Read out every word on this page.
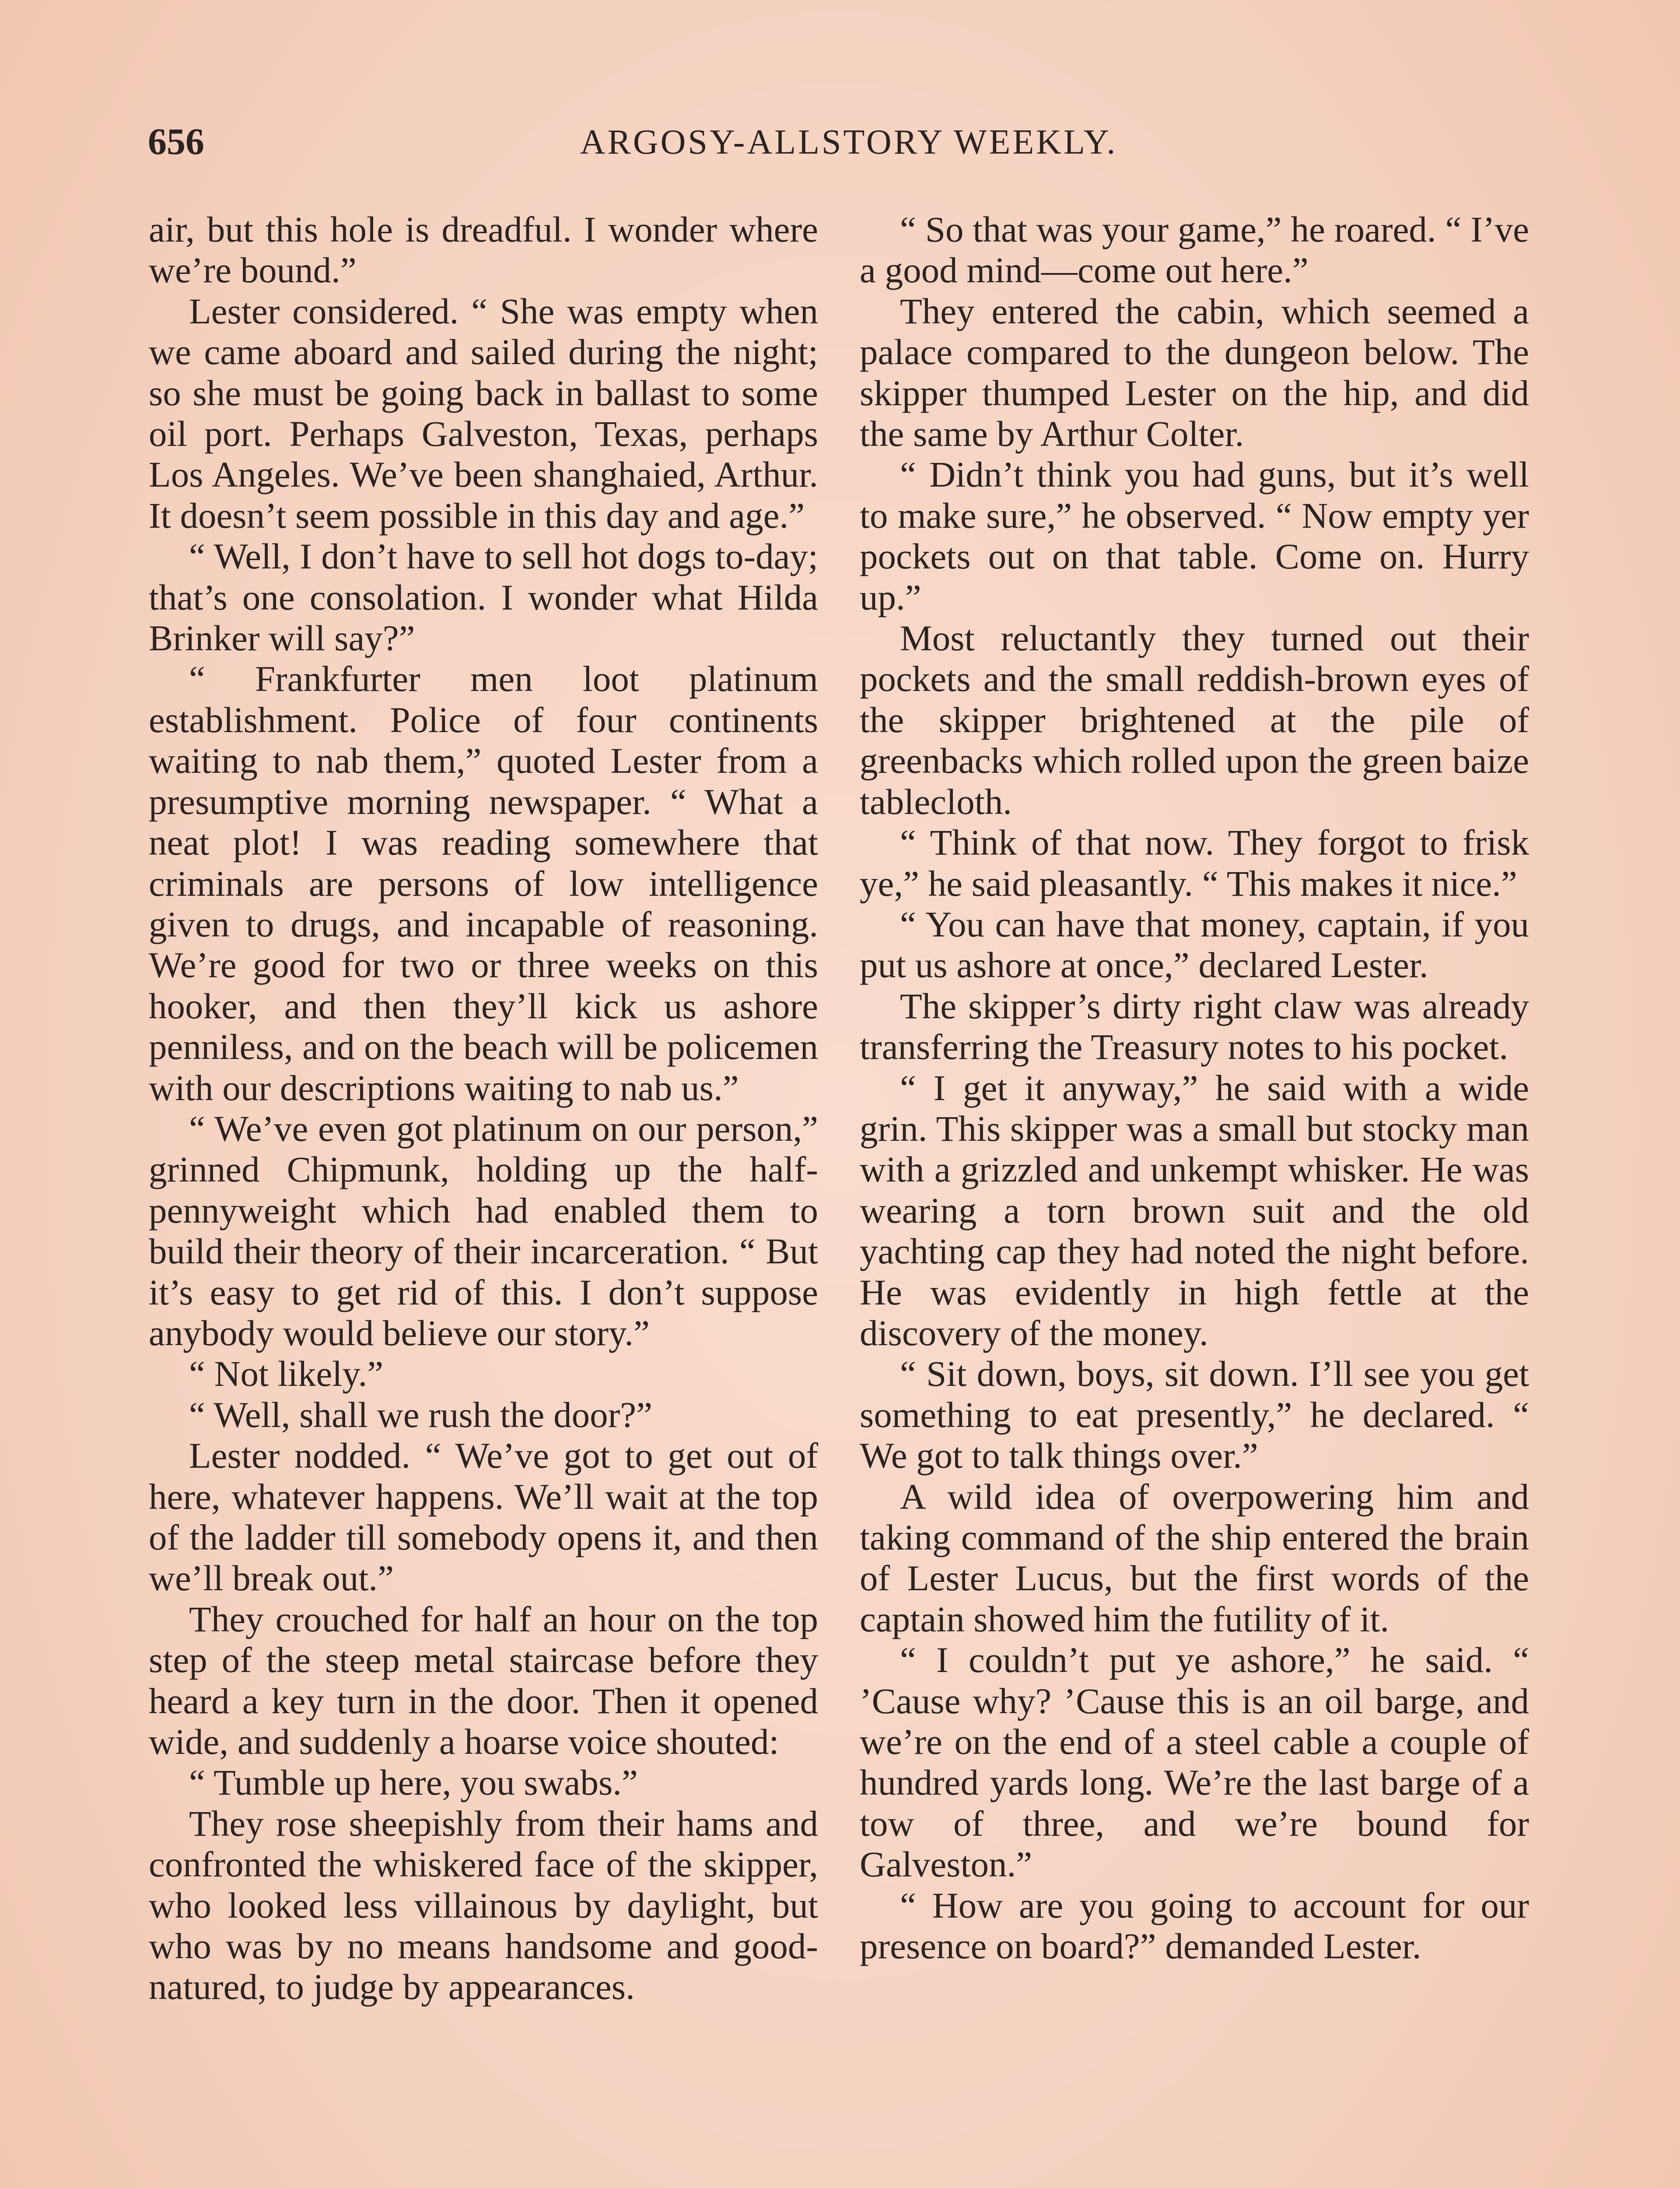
656	ARGOSY-ALLSTORY WEEKLY.

air, but this hole is dreadful. I wonder where we’re bound.”

Lester considered. “ She was empty when we came aboard and sailed during the night; so she must be going back in ballast to some oil port. Perhaps Galveston, Texas, perhaps Los Angeles. We’ve been shanghaied, Arthur. It doesn’t seem possible in this day and age.”

“ Well, I don’t have to sell hot dogs to-day; that’s one consolation. I wonder what Hilda Brinker will say?”

“ Frankfurter men loot platinum establishment. Police of four continents waiting to nab them,” quoted Lester from a presumptive morning newspaper. “ What a neat plot! I was reading somewhere that criminals are persons of low intelligence given to drugs, and incapable of reasoning. We’re good for two or three weeks on this hooker, and then they’ll kick us ashore penniless, and on the beach will be policemen with our descriptions waiting to nab us.”

“ We’ve even got platinum on our person,” grinned Chipmunk, holding up the half-pennyweight which had enabled them to build their theory of their incarceration. “ But it’s easy to get rid of this. I don’t suppose anybody would believe our story.”

“ Not likely.”

“ Well, shall we rush the door?”

Lester nodded. “ We’ve got to get out of here, whatever happens. We’ll wait at the top of the ladder till somebody opens it, and then we’ll break out.”

They crouched for half an hour on the top step of the steep metal staircase before they heard a key turn in the door. Then it opened wide, and suddenly a hoarse voice shouted:

“ Tumble up here, you swabs.”

They rose sheepishly from their hams and confronted the whiskered face of the skipper, who looked less villainous by daylight, but who was by no means handsome and good-natured, to judge by appearances.

“ So that was your game,” he roared. “ I’ve a good mind—come out here.”

They entered the cabin, which seemed a palace compared to the dungeon below. The skipper thumped Lester on the hip, and did the same by Arthur Colter.

“ Didn’t think you had guns, but it’s well to make sure,” he observed. “ Now empty yer pockets out on that table. Come on. Hurry up.”

Most reluctantly they turned out their pockets and the small reddish-brown eyes of the skipper brightened at the pile of greenbacks which rolled upon the green baize tablecloth.

“ Think of that now. They forgot to frisk ye,” he said pleasantly. “ This makes it nice.”

“ You can have that money, captain, if you put us ashore at once,” declared Lester.

The skipper’s dirty right claw was already transferring the Treasury notes to his pocket.

“ I get it anyway,” he said with a wide grin. This skipper was a small but stocky man with a grizzled and unkempt whisker. He was wearing a torn brown suit and the old yachting cap they had noted the night before. He was evidently in high fettle at the discovery of the money.

“ Sit down, boys, sit down. I’ll see you get something to eat presently,” he declared. “ We got to talk things over.”

A wild idea of overpowering him and taking command of the ship entered the brain of Lester Lucus, but the first words of the captain showed him the futility of it.

“ I couldn’t put ye ashore,” he said. “ ’Cause why? ’Cause this is an oil barge, and we’re on the end of a steel cable a couple of hundred yards long. We’re the last barge of a tow of three, and we’re bound for Galveston.”

“ How are you going to account for our presence on board?” demanded Lester.
